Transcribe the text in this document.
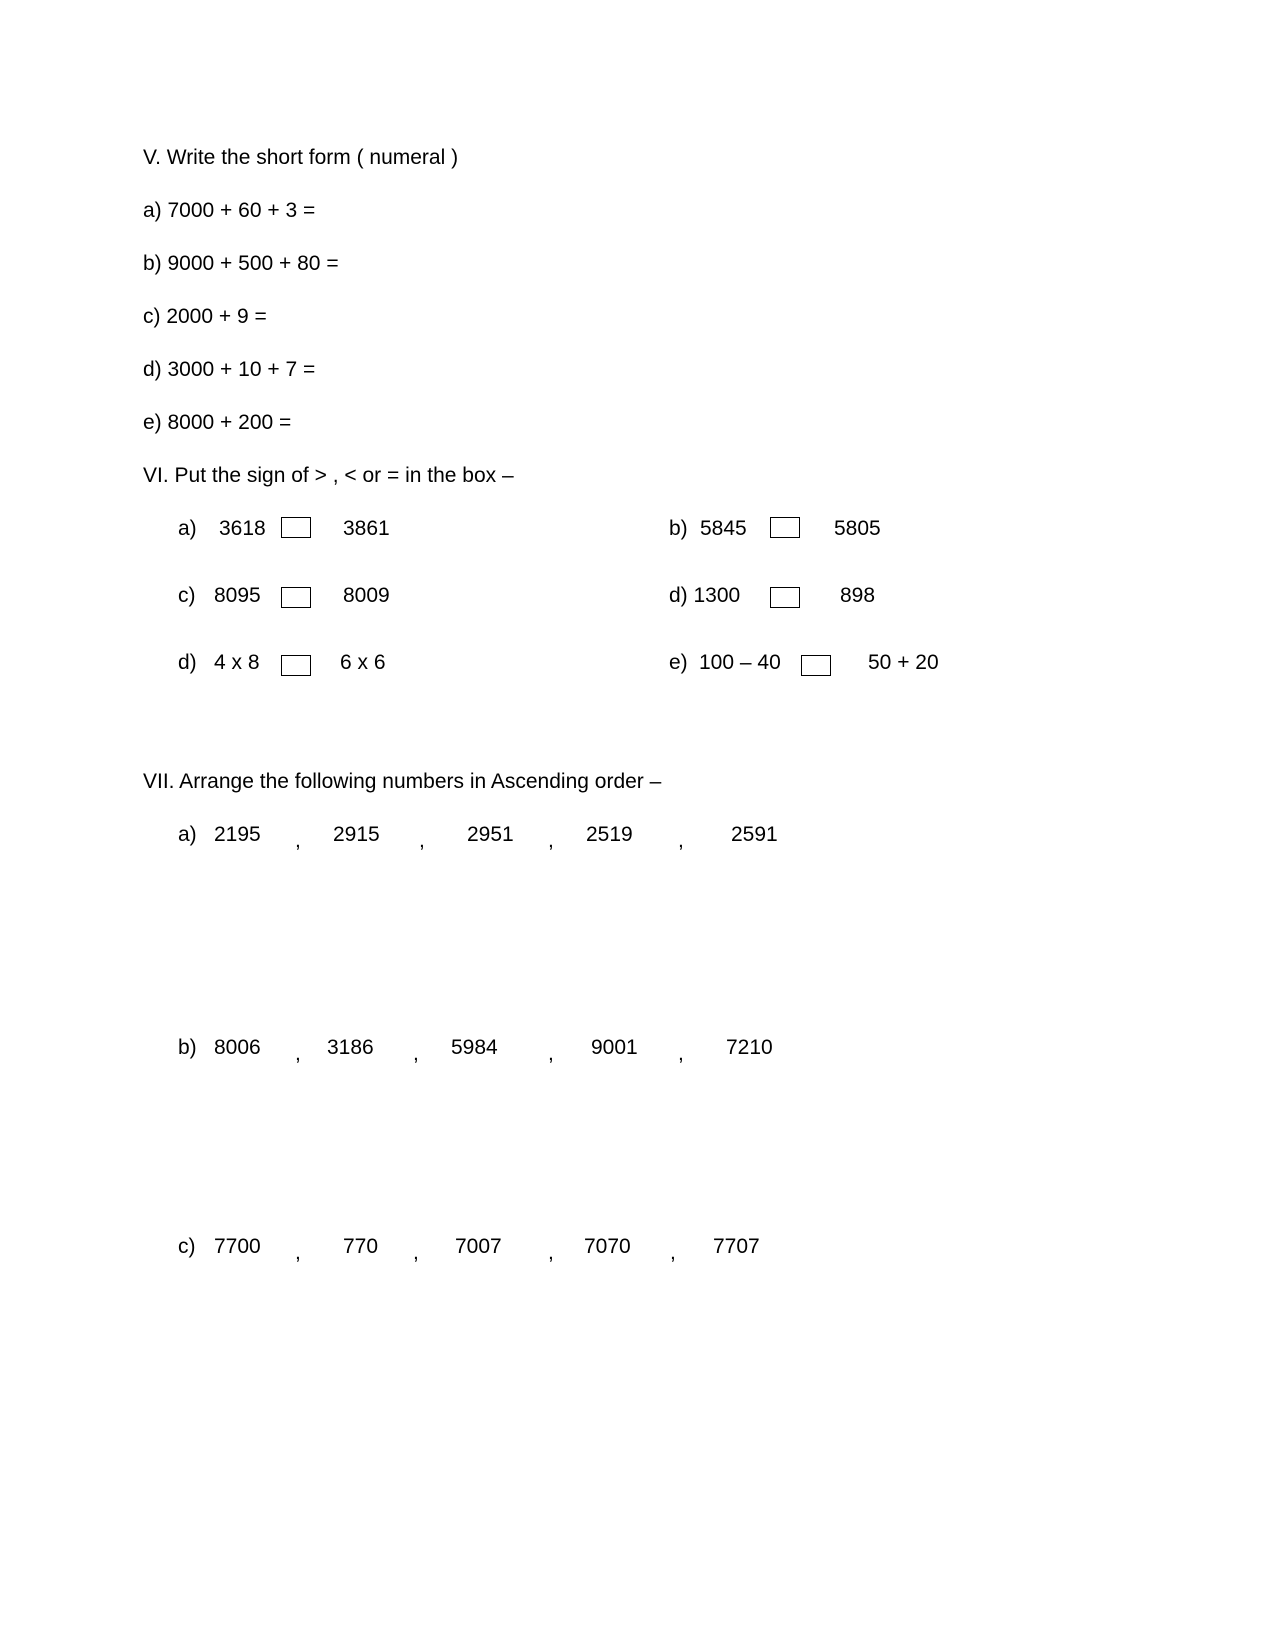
V. Write the short form ( numeral )
a) 7000 + 60 + 3 =
b) 9000 + 500 + 80 =
c) 2000 + 9 =
d) 3000 + 10 + 7 =
e) 8000 + 200 =
VI. Put the sign of > , < or = in the box –
a) 3618	3861	b) 5845	5805
c) 8095	8009	d) 1300	898
d) 4 x 8	6 x 6	e) 100 – 40	50 + 20
VII. Arrange the following numbers in Ascending order –
a) 2195 , 2915 , 2951 , 2519 , 2591
b) 8006 , 3186 , 5984 , 9001 , 7210
c) 7700 , 770 , 7007 , 7070 , 7707
